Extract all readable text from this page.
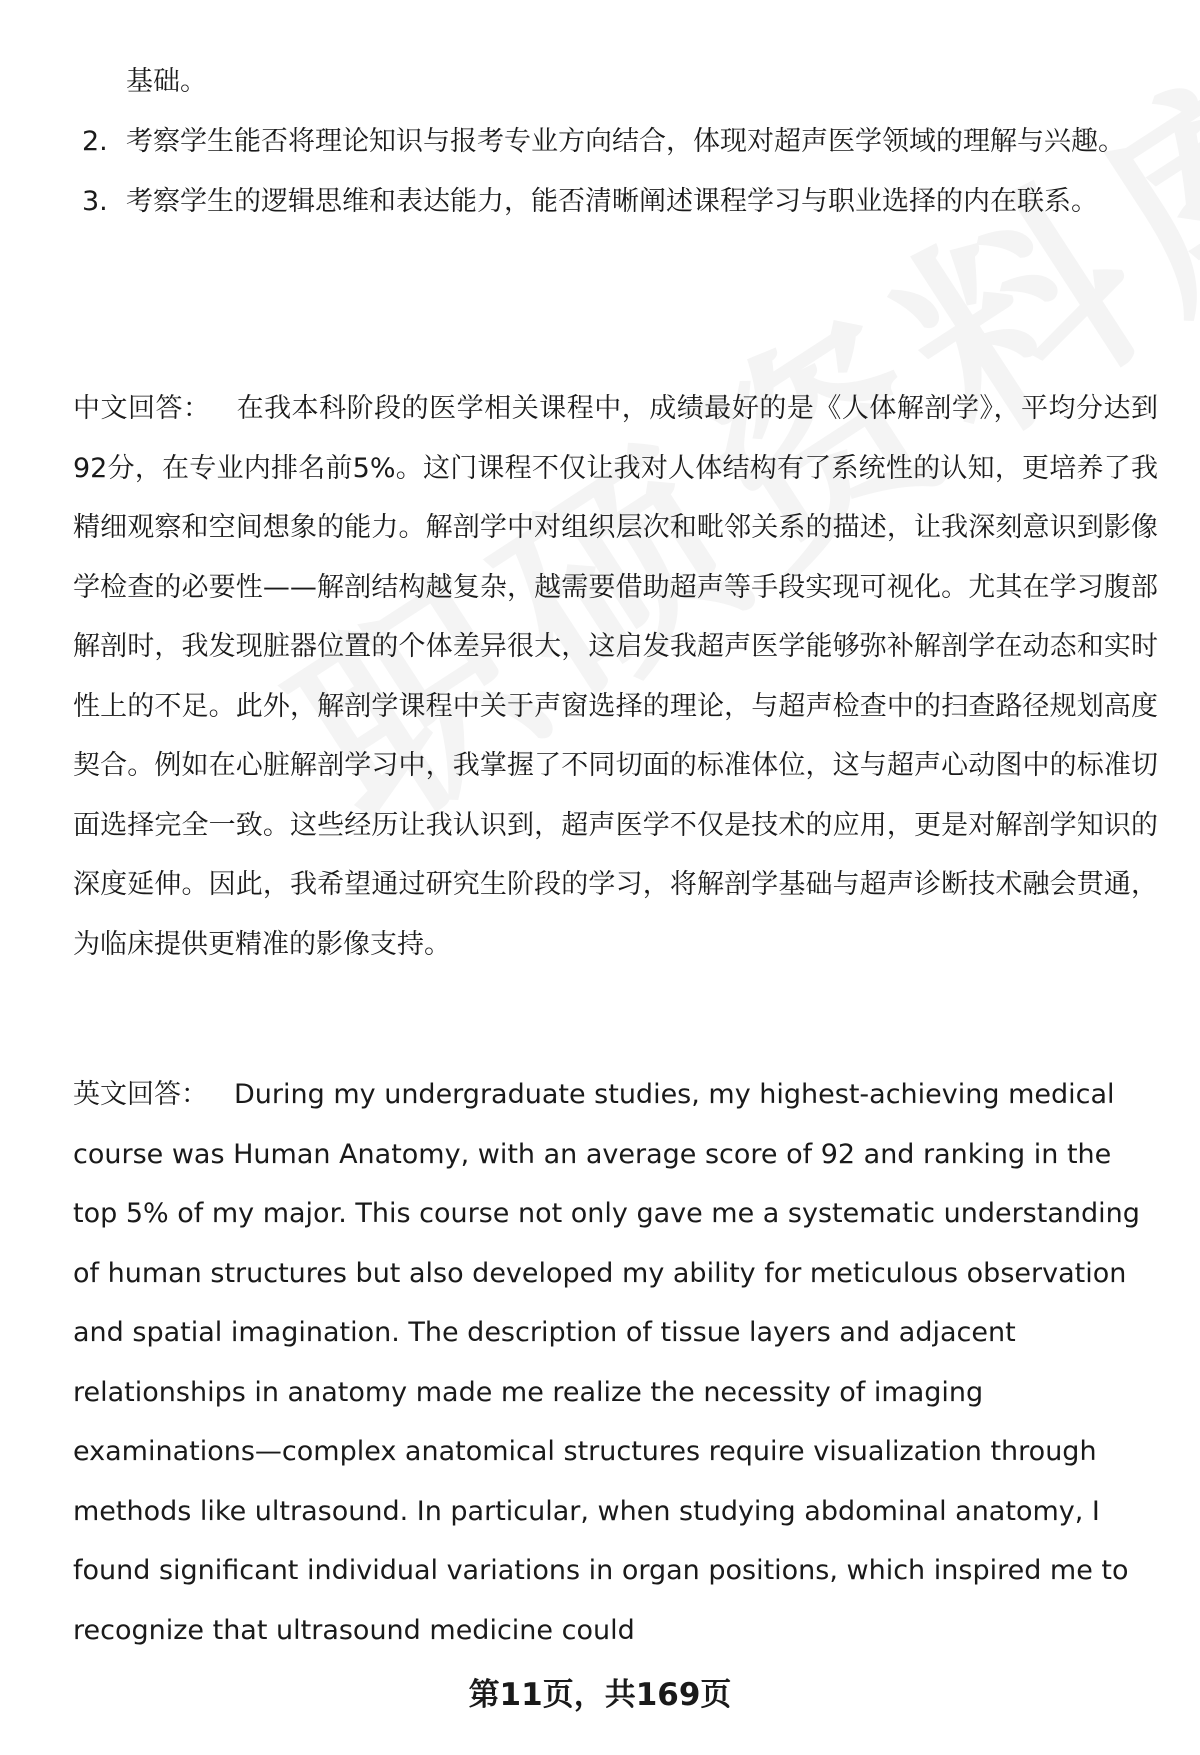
基础。
2. 考察学生能否将理论知识与报考专业方向结合，体现对超声医学领域的理解与兴趣。
3. 考察学生的逻辑思维和表达能力，能否清晰阐述课程学习与职业选择的内在联系。
中文回答： 在我本科阶段的医学相关课程中，成绩最好的是《人体解剖学》，平均分达到92分，在专业内排名前5%。这门课程不仅让我对人体结构有了系统性的认知，更培养了我精细观察和空间想象的能力。解剖学中对组织层次和毗邻关系的描述，让我深刻意识到影像学检查的必要性——解剖结构越复杂，越需要借助超声等手段实现可视化。尤其在学习腹部解剖时，我发现脏器位置的个体差异很大，这启发我超声医学能够弥补解剖学在动态和实时性上的不足。此外，解剖学课程中关于声窗选择的理论，与超声检查中的扫查路径规划高度契合。例如在心脏解剖学习中，我掌握了不同切面的标准体位，这与超声心动图中的标准切面选择完全一致。这些经历让我认识到，超声医学不仅是技术的应用，更是对解剖学知识的深度延伸。因此，我希望通过研究生阶段的学习，将解剖学基础与超声诊断技术融会贯通，为临床提供更精准的影像支持。
英文回答： During my undergraduate studies, my highest-achieving medical course was Human Anatomy, with an average score of 92 and ranking in the top 5% of my major. This course not only gave me a systematic understanding of human structures but also developed my ability for meticulous observation and spatial imagination. The description of tissue layers and adjacent relationships in anatomy made me realize the necessity of imaging examinations—complex anatomical structures require visualization through methods like ultrasound. In particular, when studying abdominal anatomy, I found significant individual variations in organ positions, which inspired me to recognize that ultrasound medicine could
第11页，共169页
